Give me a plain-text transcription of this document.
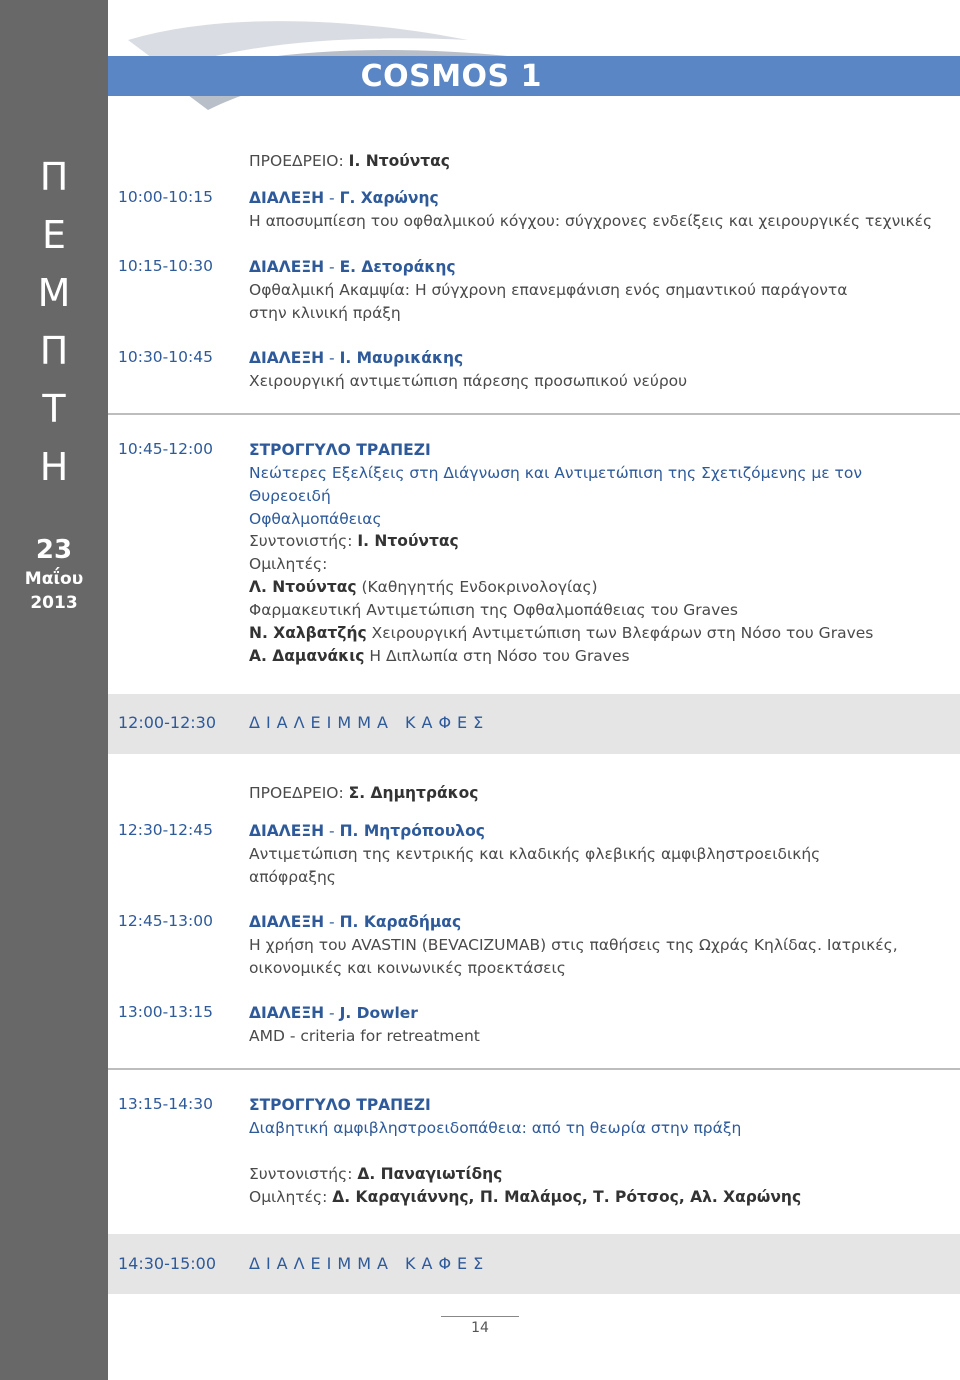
Π
Ε
Μ
Π
Τ
Η
23
Μαΐου
2013
COSMOS 1
ΠΡΟΕΔΡΕΙΟ: Ι. Ντούντας
10:00-10:15 ΔΙΑΛΕΞΗ - Γ. Χαρώνης
Η αποσυμπίεση του οφθαλμικού κόγχου: σύγχρονες ενδείξεις και χειρουργικές τεχνικές
10:15-10:30 ΔΙΑΛΕΞΗ - Ε. Δετοράκης
Οφθαλμική Ακαμψία: Η σύγχρονη επανεμφάνιση ενός σημαντικού παράγοντα
στην κλινική πράξη
10:30-10:45 ΔΙΑΛΕΞΗ - Ι. Μαυρικάκης
Χειρουργική αντιμετώπιση πάρεσης προσωπικού νεύρου
10:45-12:00 ΣΤΡΟΓΓΥΛΟ ΤΡΑΠΕΖΙ
Νεώτερες Εξελίξεις στη Διάγνωση και Αντιμετώπιση της Σχετιζόμενης με τον Θυρεοειδή
Οφθαλμοπάθειας
Συντονιστής: Ι. Ντούντας
Ομιλητές:
Λ. Ντούντας (Καθηγητής Ενδοκρινολογίας)
Φαρμακευτική Αντιμετώπιση της Οφθαλμοπάθειας του Graves
Ν. Χαλβατζής Χειρουργική Αντιμετώπιση των Βλεφάρων στη Νόσο του Graves
Α. Δαμανάκις Η Διπλωπία στη Νόσο του Graves
12:00-12:30 ΔΙΑΛΕΙΜΜΑ ΚΑΦΕΣ
ΠΡΟΕΔΡΕΙΟ: Σ. Δημητράκος
12:30-12:45 ΔΙΑΛΕΞΗ - Π. Μητρόπουλος
Αντιμετώπιση της κεντρικής και κλαδικής φλεβικής αμφιβληστροειδικής
απόφραξης
12:45-13:00 ΔΙΑΛΕΞΗ - Π. Καραδήμας
Η χρήση του AVASTIN (BEVACIZUMAB) στις παθήσεις της Ωχράς Κηλίδας. Ιατρικές,
οικονομικές και κοινωνικές προεκτάσεις
13:00-13:15 ΔΙΑΛΕΞΗ - J. Dowler
AMD - criteria for retreatment
13:15-14:30 ΣΤΡΟΓΓΥΛΟ ΤΡΑΠΕΖΙ
Διαβητική αμφιβληστροειδοπάθεια: από τη θεωρία στην πράξη
Συντονιστής: Δ. Παναγιωτίδης
Ομιλητές: Δ. Καραγιάννης, Π. Μαλάμος, Τ. Ρότσος, Αλ. Χαρώνης
14:30-15:00 ΔΙΑΛΕΙΜΜΑ ΚΑΦΕΣ
14
